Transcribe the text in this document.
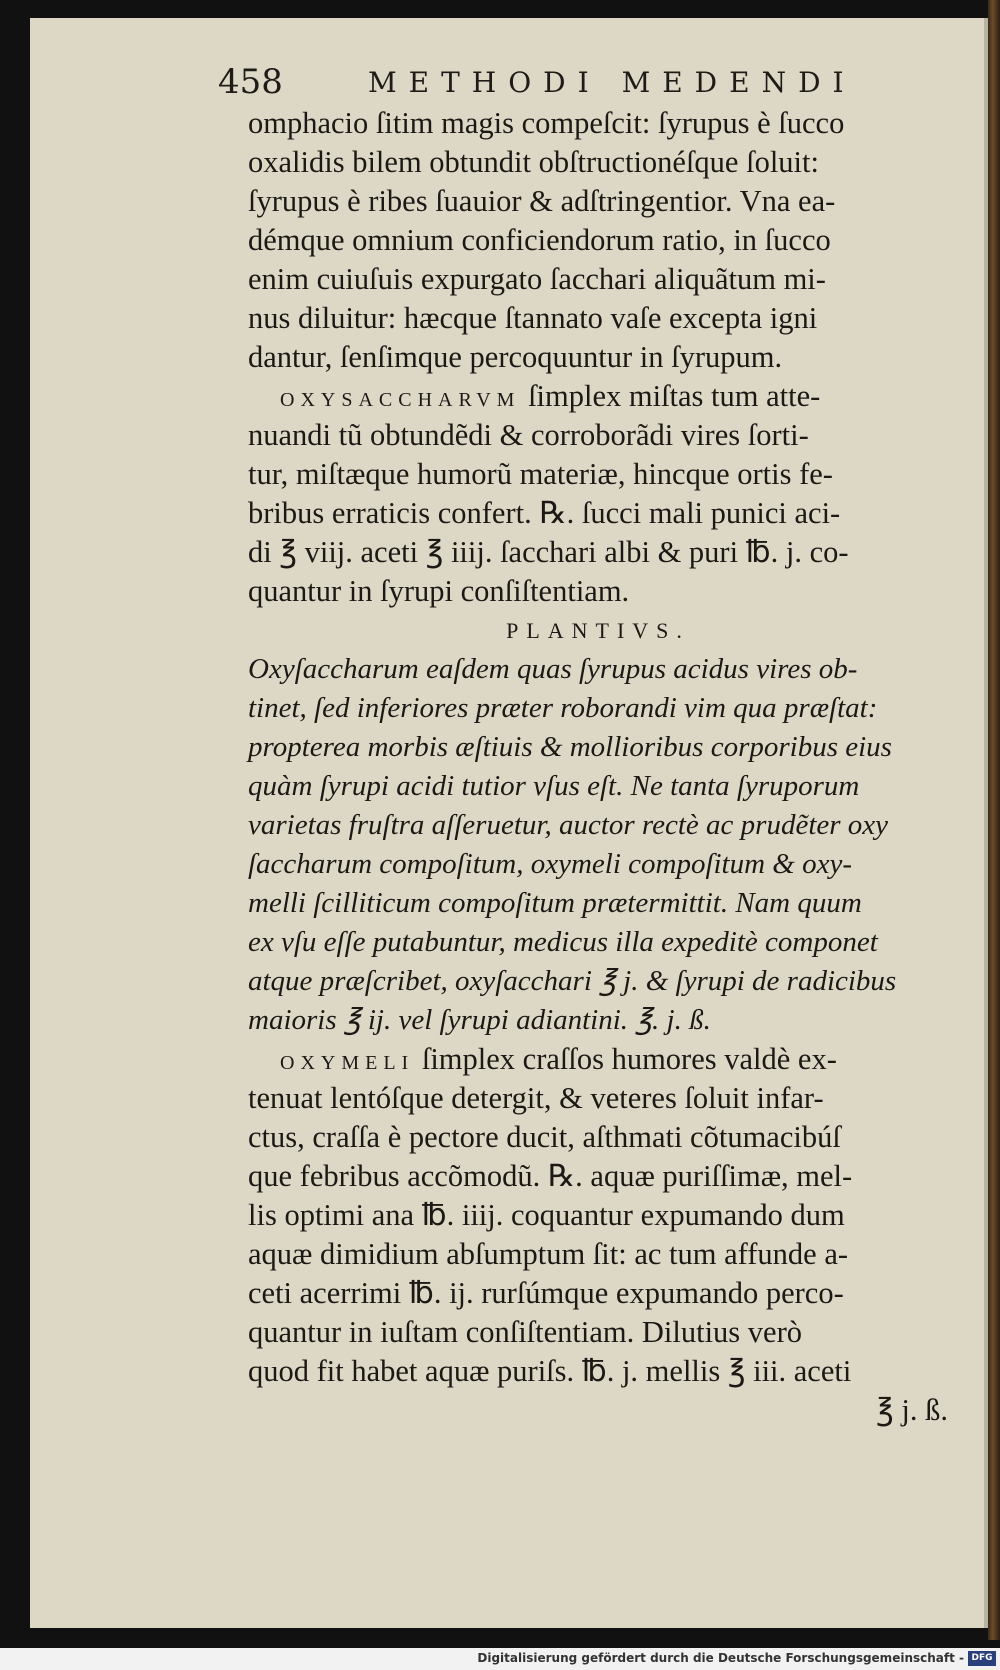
458	METHODI MEDENDI
omphacio ſitim magis compeſcit: ſyrupus è ſucco
oxalidis bilem obtundit obſtructionéſque ſoluit:
ſyrupus è ribes ſuauior & adſtringentior. Vna ea-
démque omnium conficiendorum ratio, in ſucco
enim cuiuſuis expurgato ſacchari aliquãtum mi-
nus diluitur: hæcque ſtannato vaſe excepta igni
dantur, ſenſimque percoquuntur in ſyrupum.
OXYSACCHARVM ſimplex miſtas tum atte-
nuandi tũ obtundẽdi & corroborãdi vires ſorti-
tur, miſtæque humorũ materiæ, hincque ortis fe-
bribus erraticis confert. ℞. ſucci mali punici aci-
di ℥ viij. aceti ℥ iiij. ſacchari albi & puri ℔. j. co-
quantur in ſyrupi conſiſtentiam.
PLANTIVS.
Oxyſaccharum eaſdem quas ſyrupus acidus vires ob-
tinet, ſed inferiores præter roborandi vim qua præſtat:
propterea morbis æſtiuis & mollioribus corporibus eius
quàm ſyrupi acidi tutior vſus eſt. Ne tanta ſyruporum
varietas fruſtra aſſeruetur, auctor rectè ac prudẽter oxy
ſaccharum compoſitum, oxymeli compoſitum & oxy-
melli ſcilliticum compoſitum prætermittit. Nam quum
ex vſu eſſe putabuntur, medicus illa expeditè componet
atque præſcribet, oxyſacchari ℥ j. & ſyrupi de radicibus
maioris ℥ ij. vel ſyrupi adiantini. ℥. j. ß.
OXYMELI ſimplex craſſos humores valdè ex-
tenuat lentóſque detergit, & veteres ſoluit infar-
ctus, craſſa è pectore ducit, aſthmati cõtumacibúſ
que febribus accõmodũ. ℞. aquæ puriſſimæ, mel-
lis optimi ana ℔. iiij. coquantur expumando dum
aquæ dimidium abſumptum ſit: ac tum affunde a-
ceti acerrimi ℔. ij. rurſúmque expumando perco-
quantur in iuſtam conſiſtentiam. Dilutius verò
quod fit habet aquæ puriſs. ℔. j. mellis ℥ iii. aceti
℥ j. ß.
Digitalisierung gefördert durch die Deutsche Forschungsgemeinschaft - DFG
